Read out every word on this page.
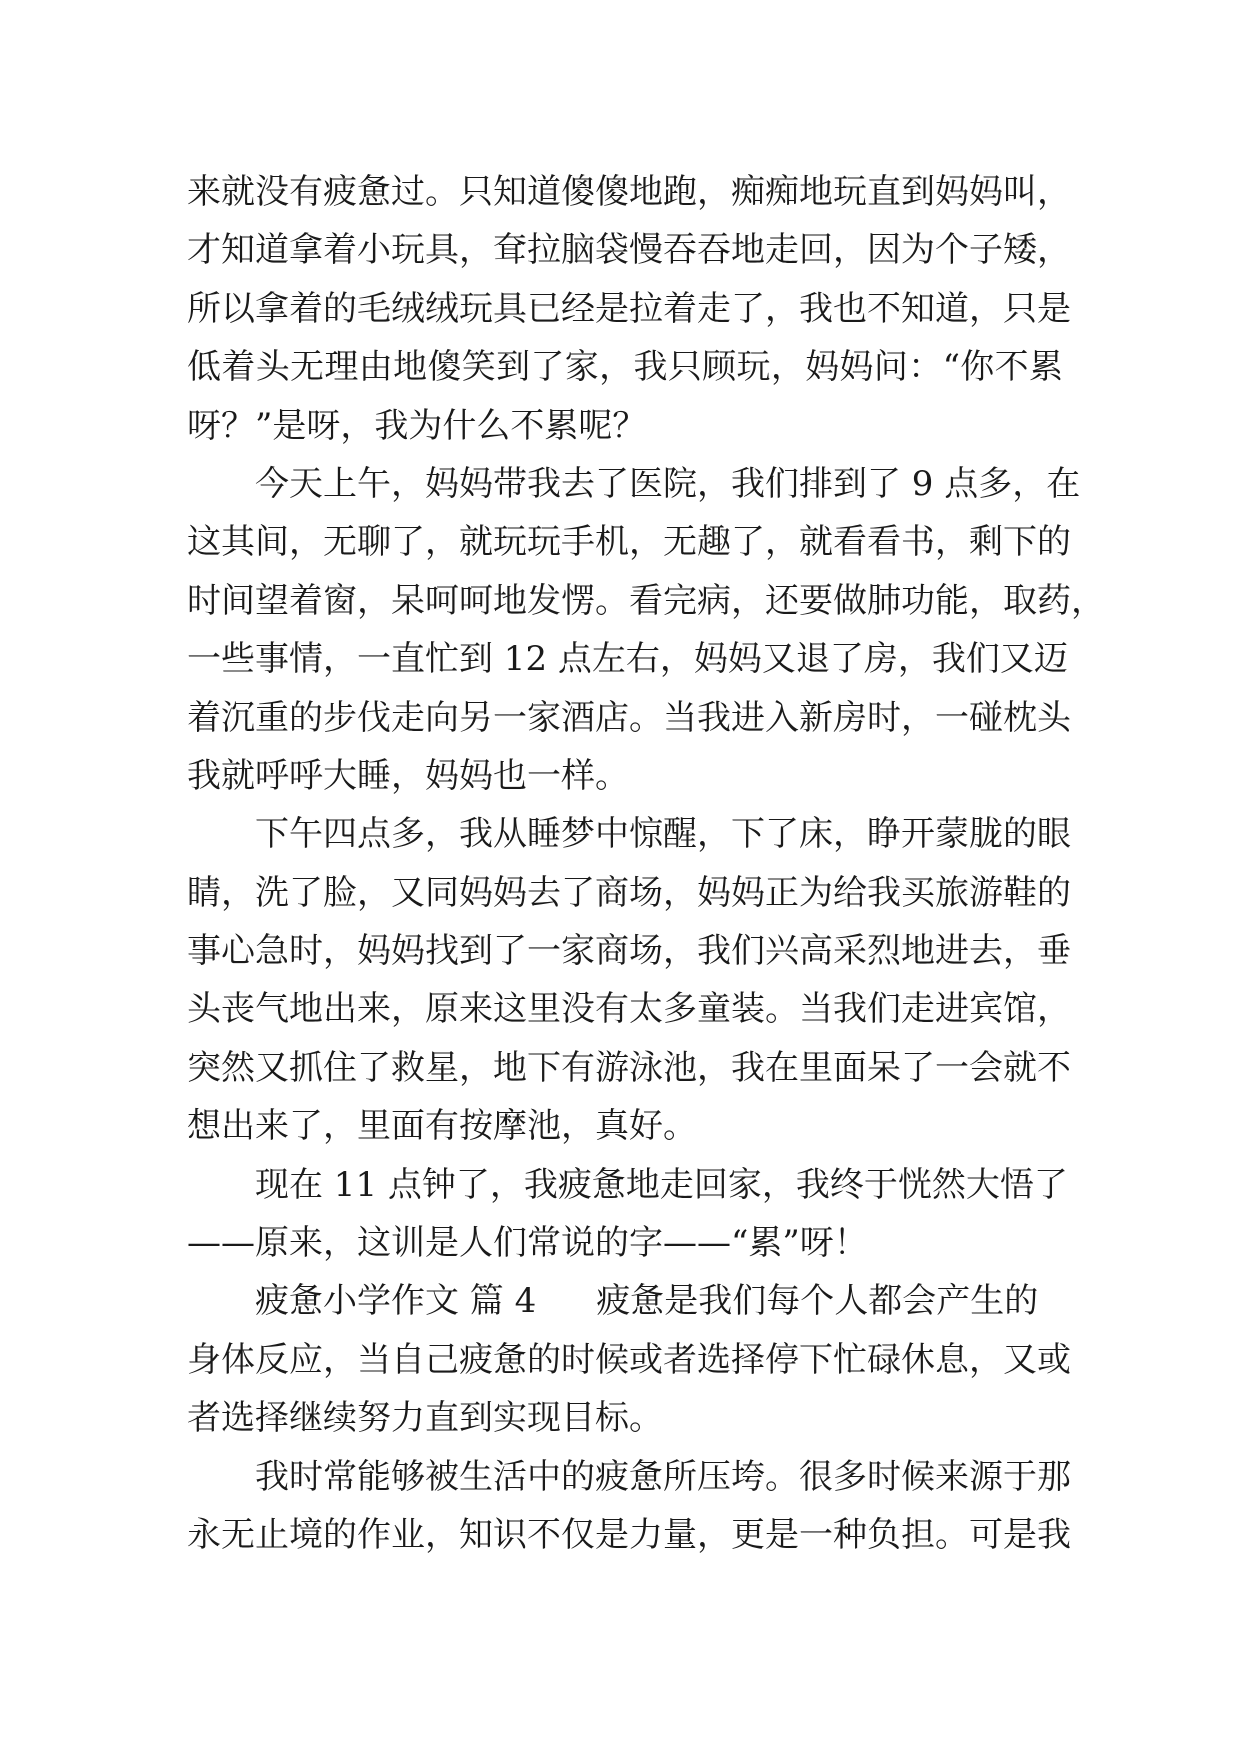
来就没有疲惫过。只知道傻傻地跑，痴痴地玩直到妈妈叫，
才知道拿着小玩具，耷拉脑袋慢吞吞地走回，因为个子矮，
所以拿着的毛绒绒玩具已经是拉着走了，我也不知道，只是
低着头无理由地傻笑到了家，我只顾玩，妈妈问：“你不累
呀？”是呀，我为什么不累呢？
今天上午，妈妈带我去了医院，我们排到了 9 点多，在
这其间，无聊了，就玩玩手机，无趣了，就看看书，剩下的
时间望着窗，呆呵呵地发愣。看完病，还要做肺功能，取药，
一些事情，一直忙到 12 点左右，妈妈又退了房，我们又迈
着沉重的步伐走向另一家酒店。当我进入新房时，一碰枕头
我就呼呼大睡，妈妈也一样。
下午四点多，我从睡梦中惊醒，下了床，睁开蒙胧的眼
睛，洗了脸，又同妈妈去了商场，妈妈正为给我买旅游鞋的
事心急时，妈妈找到了一家商场，我们兴高采烈地进去，垂
头丧气地出来，原来这里没有太多童装。当我们走进宾馆，
突然又抓住了救星，地下有游泳池，我在里面呆了一会就不
想出来了，里面有按摩池，真好。
现在 11 点钟了，我疲惫地走回家，我终于恍然大悟了
——原来，这训是人们常说的字——“累”呀！
疲惫小学作文 篇 4 疲惫是我们每个人都会产生的
身体反应，当自己疲惫的时候或者选择停下忙碌休息，又或
者选择继续努力直到实现目标。
我时常能够被生活中的疲惫所压垮。很多时候来源于那
永无止境的作业，知识不仅是力量，更是一种负担。可是我
